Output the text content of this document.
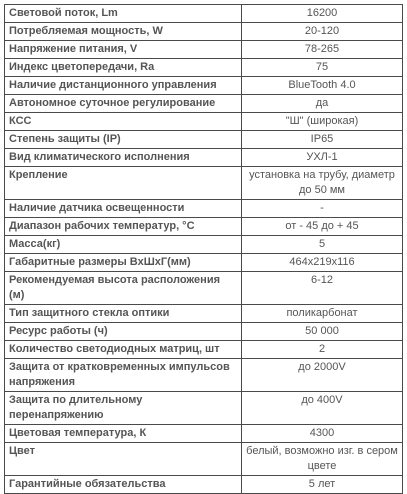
Световой поток, Lm	16200
Потребляемая мощность, W	20-120
Напряжение питания, V	78-265
Индекс цветопередачи, Ra	75
Наличие дистанционного управления	BlueTooth 4.0
Автономное суточное регулирование	да
КСС	"Ш" (широкая)
Степень защиты (IP)	IP65
Вид климатического исполнения	УХЛ-1
Крепление	установка на трубу, диаметр до 50 мм
Наличие датчика освещенности	-
Диапазон рабочих температур, °С	от - 45 до + 45
Масса(кг)	5
Габаритные размеры ВхШхГ(мм)	464х219х116
Рекомендуемая высота расположения (м)	6-12
Тип защитного стекла оптики	поликарбонат
Ресурс работы (ч)	50 000
Количество светодиодных матриц, шт	2
Защита от кратковременных импульсов напряжения	до 2000V
Защита по длительному перенапряжению	до 400V
Цветовая температура, К	4300
Цвет	белый, возможно изг. в сером цвете
Гарантийные обязательства	5 лет
